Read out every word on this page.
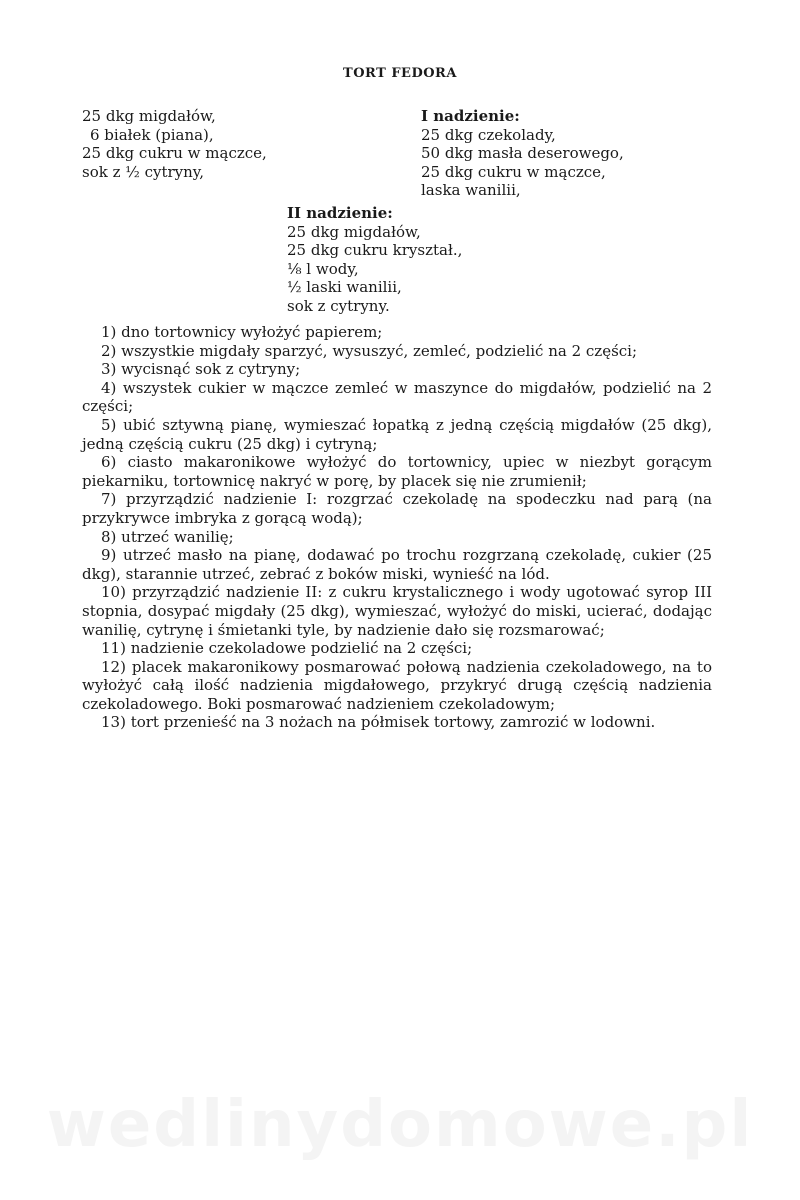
TORT FEDORA
25 dkg migdałów,
6 białek (piana),
25 dkg cukru w mączce,
sok z ½ cytryny,
I nadzienie:
25 dkg czekolady,
50 dkg masła deserowego,
25 dkg cukru w mączce,
laska wanilii,
II nadzienie:
25 dkg migdałów,
25 dkg cukru kryształ.,
⅛ l wody,
½ laski wanilii,
sok z cytryny.

1) dno tortownicy wyłożyć papierem;

2) wszystkie migdały sparzyć, wysuszyć, zemleć, podzielić na 2 części;

3) wycisnąć sok z cytryny;

4) wszystek cukier w mączce zemleć w maszynce do migdałów, podzielić na 2 części;

5) ubić sztywną pianę, wymieszać łopatką z jedną częścią migdałów (25 dkg), jedną częścią cukru (25 dkg) i cytryną;

6) ciasto makaronikowe wyłożyć do tortownicy, upiec w niezbyt gorącym piekarniku, tortownicę nakryć w porę, by placek się nie zrumienił;

7) przyrządzić nadzienie I: rozgrzać czekoladę na spodeczku nad parą (na przykrywce imbryka z gorącą wodą);

8) utrzeć wanilię;

9) utrzeć masło na pianę, dodawać po trochu rozgrzaną czekoladę, cukier (25 dkg), starannie utrzeć, zebrać z boków miski, wynieść na lód.

10) przyrządzić nadzienie II: z cukru krystalicznego i wody ugotować syrop III stopnia, dosypać migdały (25 dkg), wymieszać, wyłożyć do miski, ucierać, dodając wanilię, cytrynę i śmietanki tyle, by nadzienie dało się rozsmarować;

11) nadzienie czekoladowe podzielić na 2 części;

12) placek makaronikowy posmarować połową nadzienia czekoladowego, na to wyłożyć całą ilość nadzienia migdałowego, przykryć drugą częścią nadzienia czekoladowego. Boki posmarować nadzieniem czekoladowym;

13) tort przenieść na 3 nożach na półmisek tortowy, zamrozić w lodowni.

wedlinydomowe.pl
